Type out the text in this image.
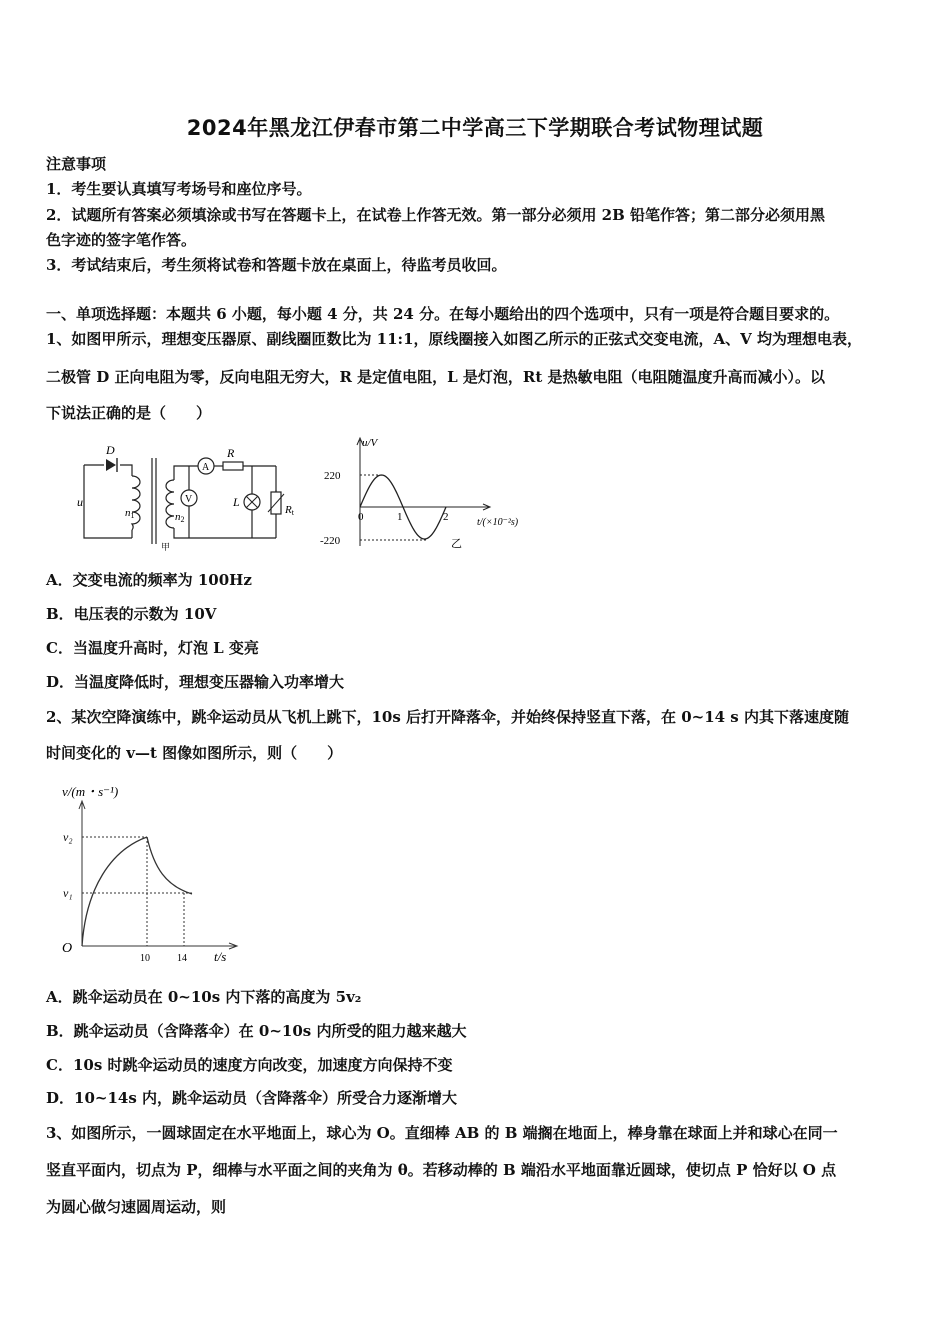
2024年黑龙江伊春市第二中学高三下学期联合考试物理试题
注意事项
1．考生要认真填写考场号和座位序号。
2．试题所有答案必须填涂或书写在答题卡上，在试卷上作答无效。第一部分必须用 2B 铅笔作答；第二部分必须用黑
色字迹的签字笔作答。
3．考试结束后，考生须将试卷和答题卡放在桌面上，待监考员收回。
一、单项选择题：本题共 6 小题，每小题 4 分，共 24 分。在每小题给出的四个选项中，只有一项是符合题目要求的。
1、如图甲所示，理想变压器原、副线圈匝数比为 11:1，原线圈接入如图乙所示的正弦式交变电流，A、V 均为理想电表，
二极管 D 正向电阻为零，反向电阻无穷大，R 是定值电阻，L 是灯泡，Rt 是热敏电阻（电阻随温度升高而减小）。以
下说法正确的是（　　）
D
u
n1	n2
A
V
R
L
Rt
甲
u/V
220
-220
0	1	2	t/(×10⁻²s)
乙
A．交变电流的频率为 100Hz
B．电压表的示数为 10V
C．当温度升高时，灯泡 L 变亮
D．当温度降低时，理想变压器输入功率增大
2、某次空降演练中，跳伞运动员从飞机上跳下，10s 后打开降落伞，并始终保持竖直下落，在 0~14 s 内其下落速度随
时间变化的 v—t 图像如图所示，则（　　）
v/(m・s⁻¹)
v₂
v₁
O
10	14 t/s
A．跳伞运动员在 0~10s 内下落的高度为 5v₂
B．跳伞运动员（含降落伞）在 0~10s 内所受的阻力越来越大
C．10s 时跳伞运动员的速度方向改变，加速度方向保持不变
D．10~14s 内，跳伞运动员（含降落伞）所受合力逐渐增大
3、如图所示，一圆球固定在水平地面上，球心为 O。直细棒 AB 的 B 端搁在地面上，棒身靠在球面上并和球心在同一
竖直平面内，切点为 P，细棒与水平面之间的夹角为 θ。若移动棒的 B 端沿水平地面靠近圆球，使切点 P 恰好以 O 点
为圆心做匀速圆周运动，则
